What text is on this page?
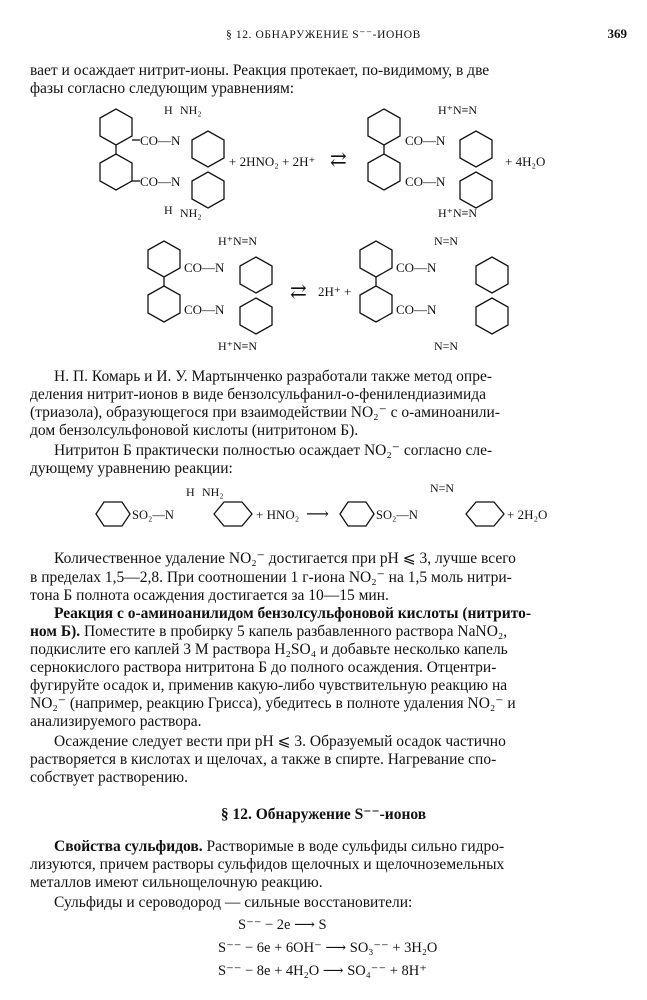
§ 12. ОБНАРУЖЕНИЕ S⁻⁻-ИОНОВ	369

вает и осаждает нитрит-ионы. Реакция протекает, по-видимому, в две

фазы согласно следующим уравнениям:

CO—N
CO—N
H NH₂
H NH₂
+ 2HNO₂ + 2H⁺ ⇄
CO—N
CO—N
H⁺N≡N
H⁺N≡N
+ 4H₂O
CO—N
CO—N
H⁺N≡N
H⁺N≡N
⇄ 2H⁺ +
CO—N
CO—N
N=N
N=N

Н. П. Комарь и И. У. Мартынченко разработали также метод опре-

деления нитрит-ионов в виде бензолсульфанил-о-фенилендиазимида

(триазола), образующегося при взаимодействии NO₂⁻ с о-аминоанили-

дом бензолсульфоновой кислоты (нитритоном Б).

Нитритон Б практически полностью осаждает NO₂⁻ согласно сле-

дующему уравнению реакции:

SO₂—N
H NH₂
+ HNO₂ ⟶	SO₂—N
N=N
+ 2H₂O

Количественное удаление NO₂⁻ достигается при pH ⩽ 3, лучше всего

в пределах 1,5—2,8. При соотношении 1 г-иона NO₂⁻ на 1,5 моль нитри-

тона Б полнота осаждения достигается за 10—15 мин.

Реакция с о-аминоанилидом бензолсульфоновой кислоты (нитрито-

ном Б). Поместите в пробирку 5 капель разбавленного раствора NaNO₂,

подкислите его каплей 3 М раствора H₂SO₄ и добавьте несколько капель

сернокислого раствора нитритона Б до полного осаждения. Отцентри-

фугируйте осадок и, применив какую-либо чувствительную реакцию на

NO₂⁻ (например, реакцию Грисса), убедитесь в полноте удаления NO₂⁻ и

анализируемого раствора.

Осаждение следует вести при pH ⩽ 3. Образуемый осадок частично

растворяется в кислотах и щелочах, а также в спирте. Нагревание спо-

собствует растворению.

§ 12. Обнаружение S⁻⁻-ионов

Свойства сульфидов. Растворимые в воде сульфиды сильно гидро-

лизуются, причем растворы сульфидов щелочных и щелочноземельных

металлов имеют сильнощелочную реакцию.

Сульфиды и сероводород — сильные восстановители:

S⁻⁻ − 2e ⟶ S

S⁻⁻ − 6e + 6OH⁻ ⟶ SO₃⁻⁻ + 3H₂O

S⁻⁻ − 8e + 4H₂O ⟶ SO₄⁻⁻ + 8H⁺
